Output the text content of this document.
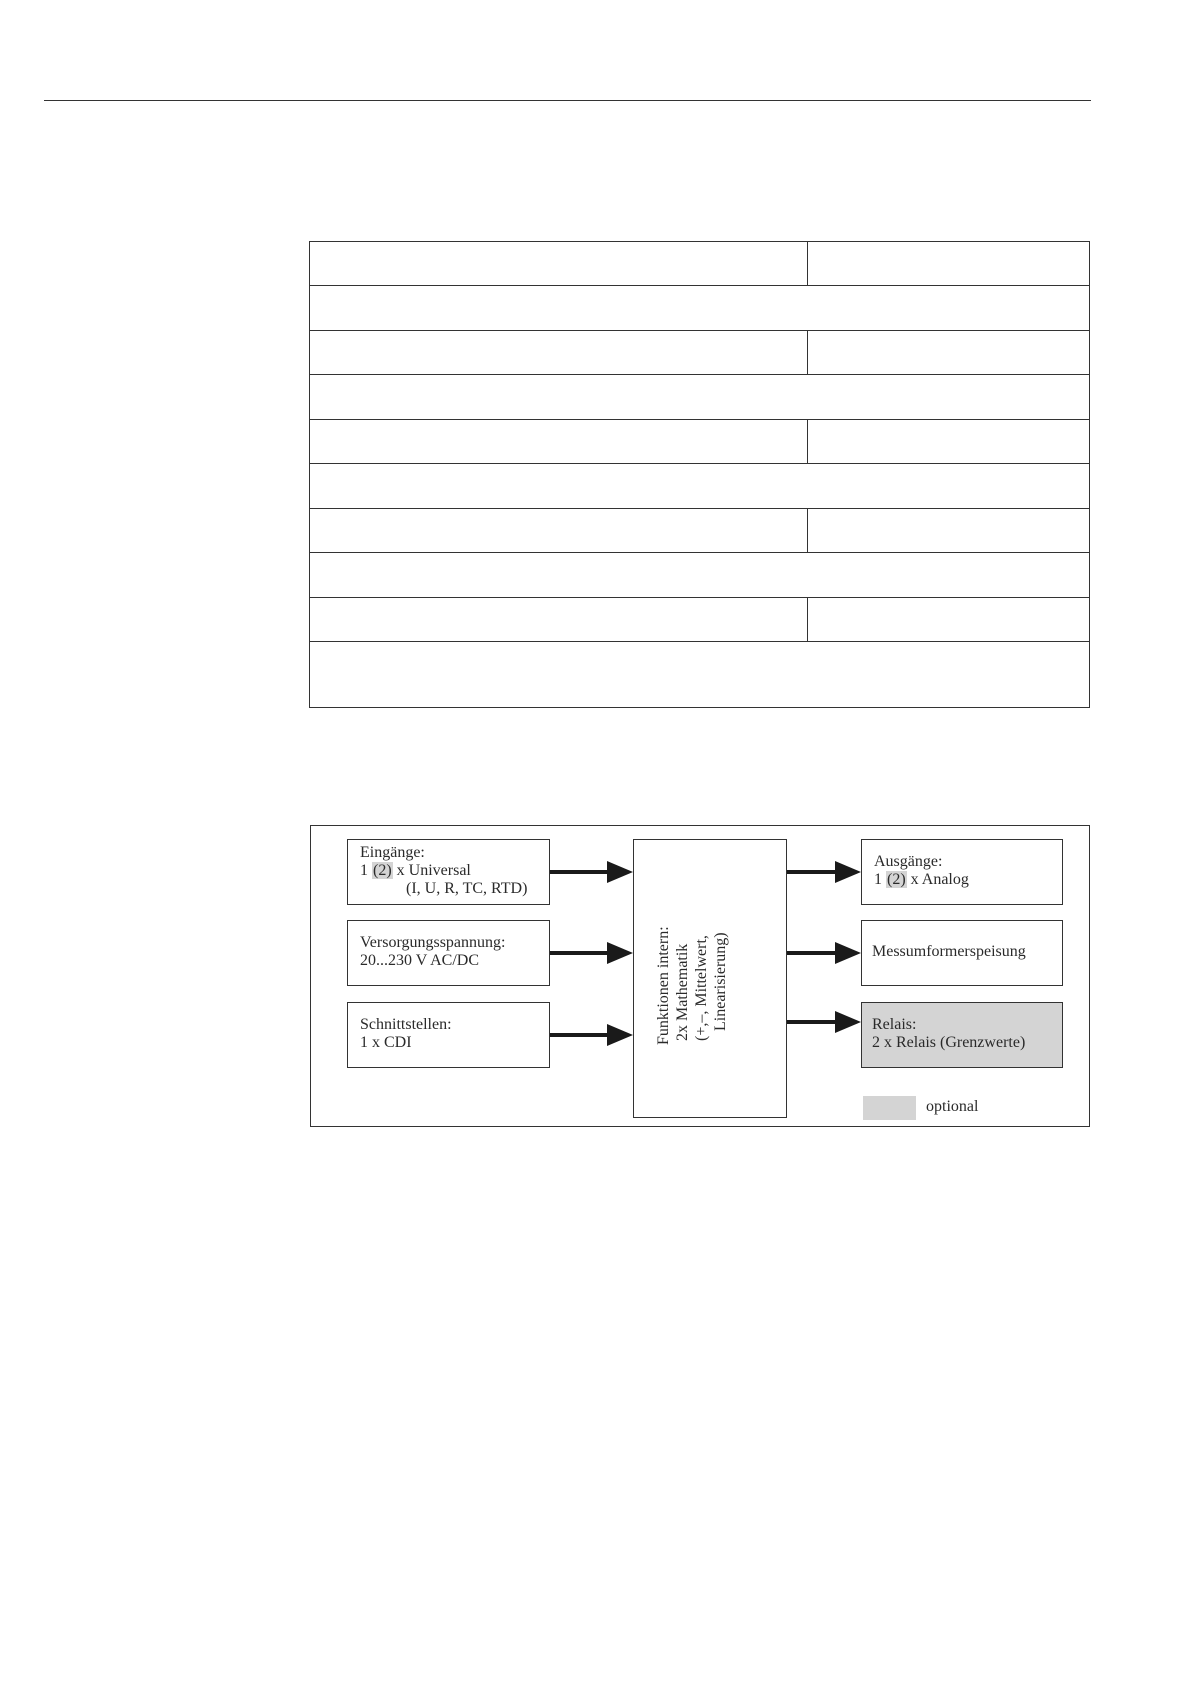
Eingänge:
1 (2) x Universal
(I, U, R, TC, RTD)
Versorgungsspannung:
20...230 V AC/DC
Schnittstellen:
1 x CDI	Funktionen intern: 2x Mathematik (+,–, Mittelwert, Linearisierung)
Ausgänge:
1 (2) x Analog
Messumformerspeisung
Relais:
2 x Relais (Grenzwerte)
optional
